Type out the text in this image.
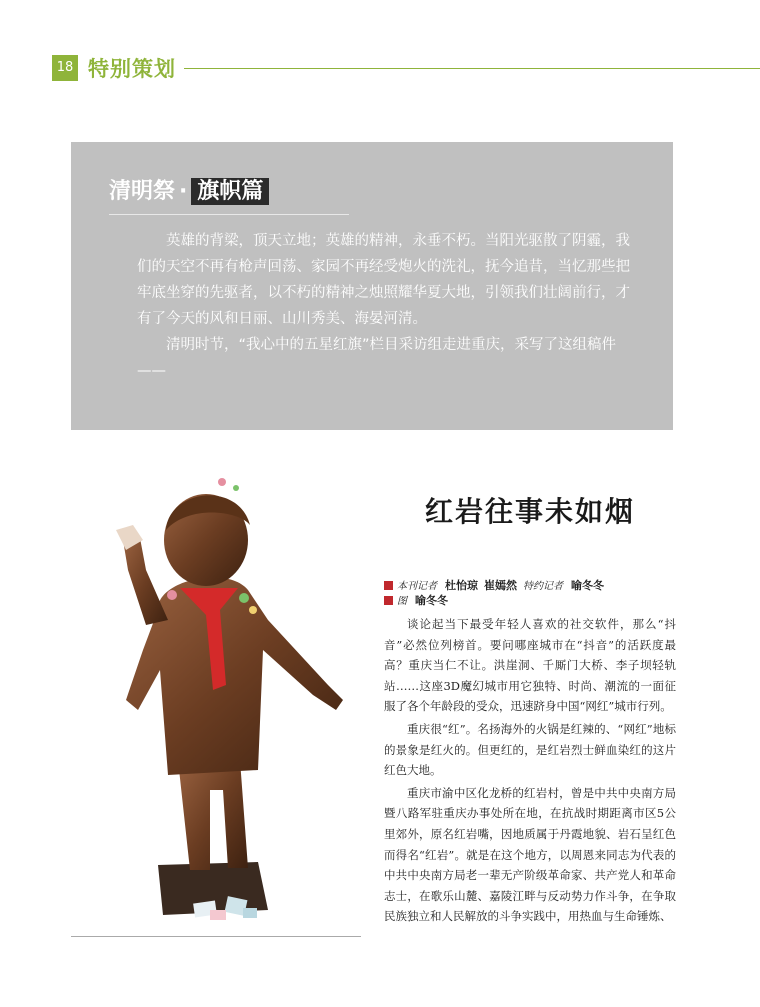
18 特别策划
清明祭 · 旗帜篇

英雄的背梁，顶天立地；英雄的精神，永垂不朽。当阳光驱散了阴霾，我们的天空不再有枪声回荡、家园不再经受炮火的洗礼，抚今追昔，当忆那些把牢底坐穿的先驱者，以不朽的精神之烛照耀华夏大地，引领我们壮阔前行，才有了今天的风和日丽、山川秀美、海晏河清。

清明时节，“我心中的五星红旗”栏目采访组走进重庆，采写了这组稿件——

红岩往事未如烟
本刊记者 杜怡琼 崔嫣然 特约记者 喻冬冬
图 喻冬冬

谈论起当下最受年轻人喜欢的社交软件，那么“抖音”必然位列榜首。要问哪座城市在“抖音”的活跃度最高？重庆当仁不让。洪崖洞、千厮门大桥、李子坝轻轨站……这座3D魔幻城市用它独特、时尚、潮流的一面征服了各个年龄段的受众，迅速跻身中国“网红”城市行列。

重庆很“红”。名扬海外的火锅是红辣的、“网红”地标的景象是红火的。但更红的，是红岩烈士鲜血染红的这片红色大地。

重庆市渝中区化龙桥的红岩村，曾是中共中央南方局暨八路军驻重庆办事处所在地，在抗战时期距离市区5公里郊外，原名红岩嘴，因地质属于丹霞地貌、岩石呈红色而得名“红岩”。就是在这个地方，以周恩来同志为代表的中共中央南方局老一辈无产阶级革命家、共产党人和革命志士，在歌乐山麓、嘉陵江畔与反动势力作斗争，在争取民族独立和人民解放的斗争实践中，用热血与生命锤炼、
